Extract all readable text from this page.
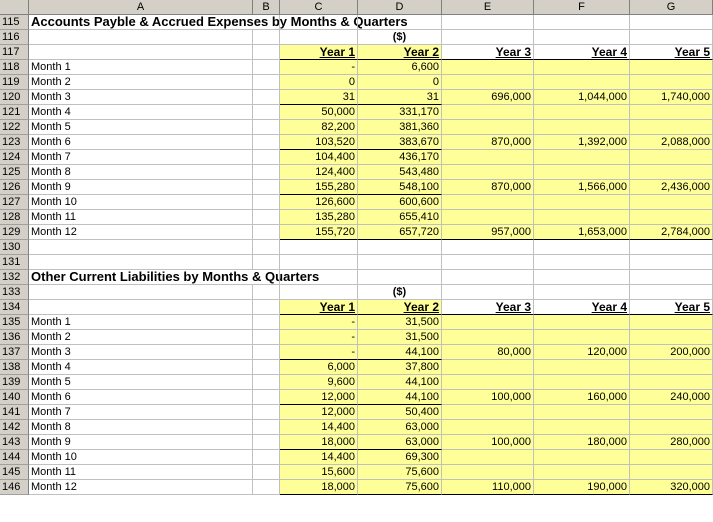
A	B	C	D	E	F	G
115 Accounts Payble & Accrued Expenses by Months & Quarters
116	($)
117	Year 1	Year 2	Year 3	Year 4	Year 5
118	Month 1	-	6,600
119	Month 2	0	0
120 Month 3	31	31	696,000	1,044,000	1,740,000
121 Month 4	50,000	331,170
122 Month 5	82,200	381,360
123 Month 6	103,520	383,670	870,000	1,392,000	2,088,000
124 Month 7	104,400	436,170
125 Month 8	124,400	543,480
126 Month 9	155,280	548,100	870,000	1,566,000	2,436,000
127 Month 10	126,600	600,600
128 Month 11	135,280	655,410
129 Month 12	155,720	657,720	957,000	1,653,000	2,784,000
130
131
132 Other Current Liabilities by Months & Quarters
133	($)
134	Year 1	Year 2	Year 3	Year 4	Year 5
135 Month 1	-	31,500
136 Month 2	-	31,500
137 Month 3	-	44,100	80,000	120,000	200,000
138 Month 4	6,000	37,800
139 Month 5	9,600	44,100
140 Month 6	12,000	44,100	100,000	160,000	240,000
141 Month 7	12,000	50,400
142 Month 8	14,400	63,000
143 Month 9	18,000	63,000	100,000	180,000	280,000
144 Month 10	14,400	69,300
145 Month 11	15,600	75,600
146 Month 12	18,000	75,600	110,000	190,000	320,000
